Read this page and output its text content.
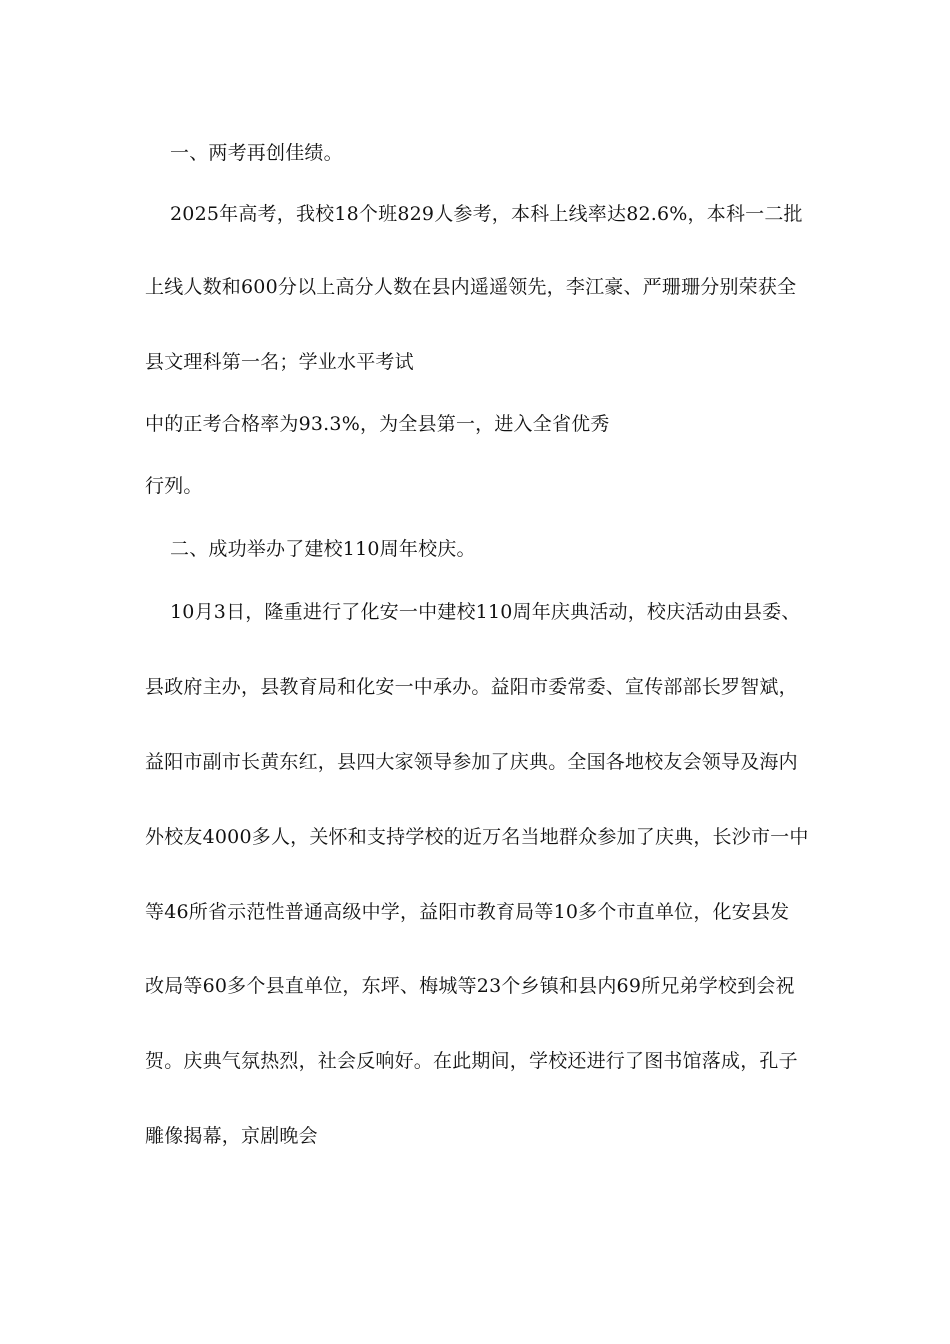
一、两考再创佳绩。
2025年高考，我校18个班829人参考，本科上线率达82.6%，本科一二批
上线人数和600分以上高分人数在县内遥遥领先，李江豪、严珊珊分别荣获全
县文理科第一名；学业水平考试
中的正考合格率为93.3%，为全县第一，进入全省优秀
行列。
二、成功举办了建校110周年校庆。
10月3日，隆重进行了化安一中建校110周年庆典活动，校庆活动由县委、
县政府主办，县教育局和化安一中承办。益阳市委常委、宣传部部长罗智斌，
益阳市副市长黄东红，县四大家领导参加了庆典。全国各地校友会领导及海内
外校友4000多人，关怀和支持学校的近万名当地群众参加了庆典，长沙市一中
等46所省示范性普通高级中学，益阳市教育局等10多个市直单位，化安县发
改局等60多个县直单位，东坪、梅城等23个乡镇和县内69所兄弟学校到会祝
贺。庆典气氛热烈，社会反响好。在此期间，学校还进行了图书馆落成，孔子
雕像揭幕，京剧晚会
